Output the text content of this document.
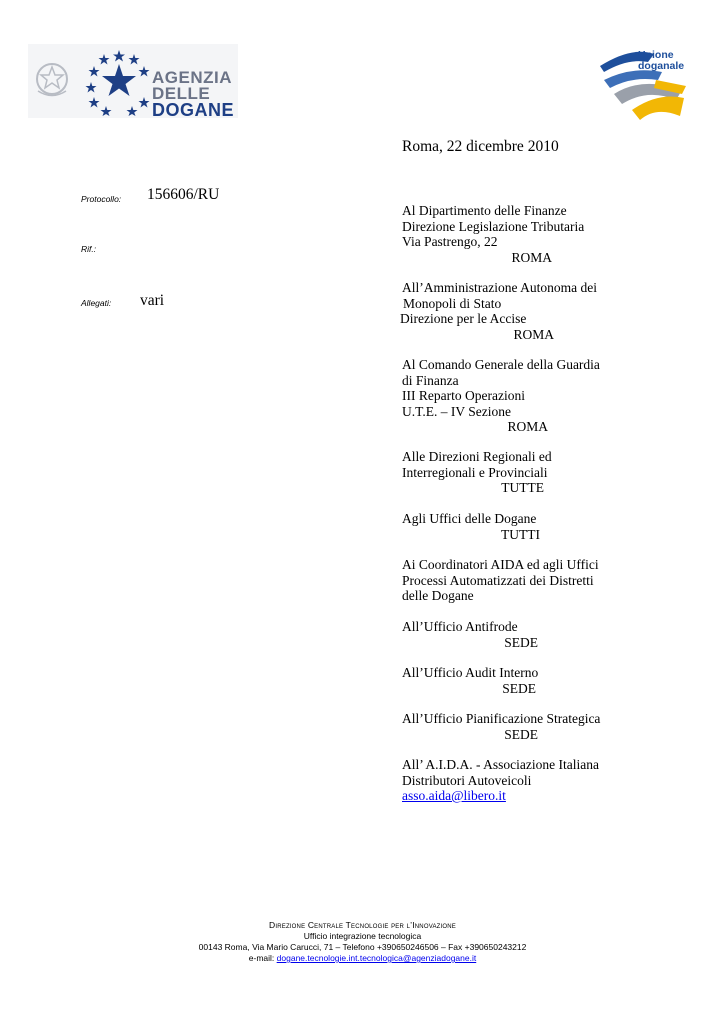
AGENZIA
DELLE
DOGANE
Unione
doganale
Roma, 22 dicembre 2010
Protocollo: 156606/RU
Rif.:
Allegati: vari
Al Dipartimento delle Finanze
Direzione Legislazione Tributaria
Via Pastrengo, 22
ROMA
All’Amministrazione Autonoma dei
Monopoli di Stato
Direzione per le Accise
ROMA
Al Comando Generale della Guardia
di Finanza
III Reparto Operazioni
U.T.E. – IV Sezione
ROMA
Alle Direzioni Regionali ed
Interregionali e Provinciali
TUTTE
Agli Uffici delle Dogane
TUTTI
Ai Coordinatori AIDA ed agli Uffici
Processi Automatizzati dei Distretti
delle Dogane
All’Ufficio Antifrode
SEDE
All’Ufficio Audit Interno
SEDE
All’Ufficio Pianificazione Strategica
SEDE
All’ A.I.D.A. - Associazione Italiana
Distributori Autoveicoli
asso.aida@libero.it
Direzione Centrale Tecnologie per l’Innovazione
Ufficio integrazione tecnologica
00143 Roma, Via Mario Carucci, 71 – Telefono +390650246506 – Fax +390650243212
e-mail: dogane.tecnologie.int.tecnologica@agenziadogane.it
